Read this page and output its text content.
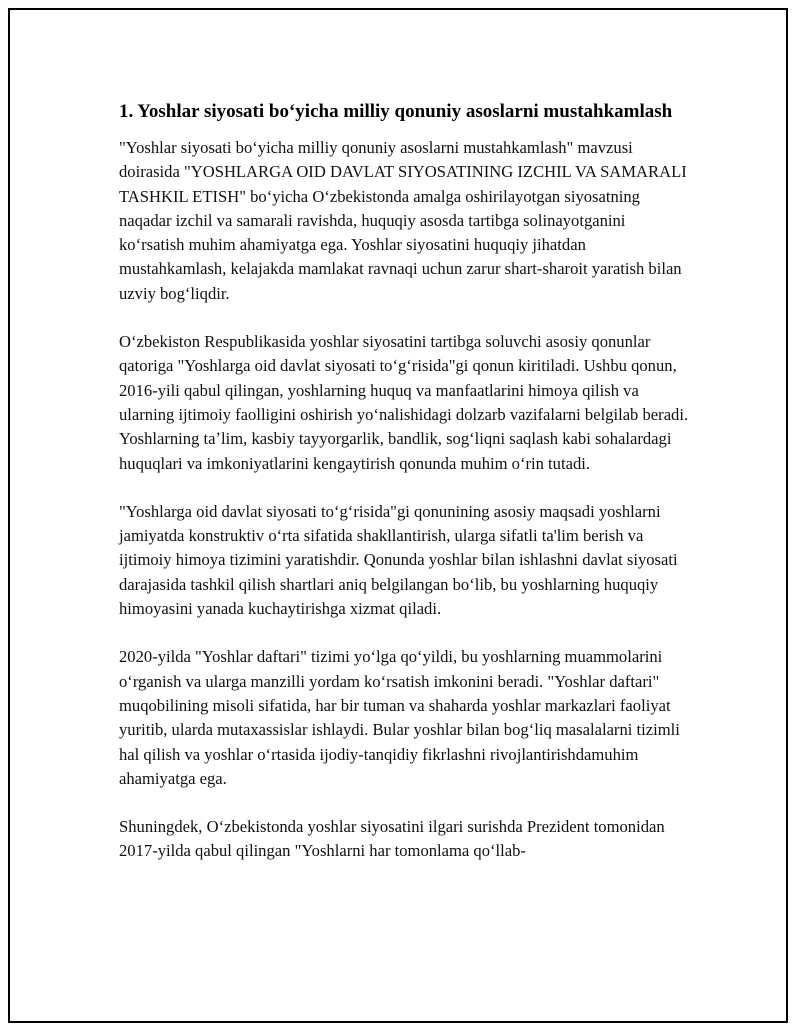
1. Yoshlar siyosati boʻyicha milliy qonuniy asoslarni mustahkamlash

"Yoshlar siyosati boʻyicha milliy qonuniy asoslarni mustahkamlash" mavzusi doirasida "YOSHLARGA OID DAVLAT SIYOSATINING IZCHIL VA SAMARALI TASHKIL ETISH" boʻyicha Oʻzbekistonda amalga oshirilayotgan siyosatning naqadar izchil va samarali ravishda, huquqiy asosda tartibga solinayotganini koʻrsatish muhim ahamiyatga ega. Yoshlar siyosatini huquqiy jihatdan mustahkamlash, kelajakda mamlakat ravnaqi uchun zarur shart-sharoit yaratish bilan uzviy bogʻliqdir.

Oʻzbekiston Respublikasida yoshlar siyosatini tartibga soluvchi asosiy qonunlar qatoriga "Yoshlarga oid davlat siyosati toʻgʻrisida"gi qonun kiritiladi. Ushbu qonun, 2016-yili qabul qilingan, yoshlarning huquq va manfaatlarini himoya qilish va ularning ijtimoiy faolligini oshirish yoʻnalishidagi dolzarb vazifalarni belgilab beradi. Yoshlarning taʼlim, kasbiy tayyorgarlik, bandlik, sogʻliqni saqlash kabi sohalardagi huquqlari va imkoniyatlarini kengaytirish qonunda muhim oʻrin tutadi.

"Yoshlarga oid davlat siyosati toʻgʻrisida"gi qonunining asosiy maqsadi yoshlarni jamiyatda konstruktiv oʻrta sifatida shakllantirish, ularga sifatli ta'lim berish va ijtimoiy himoya tizimini yaratishdir. Qonunda yoshlar bilan ishlashni davlat siyosati darajasida tashkil qilish shartlari aniq belgilangan boʻlib, bu yoshlarning huquqiy himoyasini yanada kuchaytirishga xizmat qiladi.

2020-yilda "Yoshlar daftari" tizimi yoʻlga qoʻyildi, bu yoshlarning muammolarini oʻrganish va ularga manzilli yordam koʻrsatish imkonini beradi. "Yoshlar daftari" muqobilining misoli sifatida, har bir tuman va shaharda yoshlar markazlari faoliyat yuritib, ularda mutaxassislar ishlaydi. Bular yoshlar bilan bogʻliq masalalarni tizimli hal qilish va yoshlar oʻrtasida ijodiy-tanqidiy fikrlashni rivojlantirishdamuhim ahamiyatga ega.

Shuningdek, Oʻzbekistonda yoshlar siyosatini ilgari surishda Prezident tomonidan 2017-yilda qabul qilingan "Yoshlarni har tomonlama qoʻllab-
